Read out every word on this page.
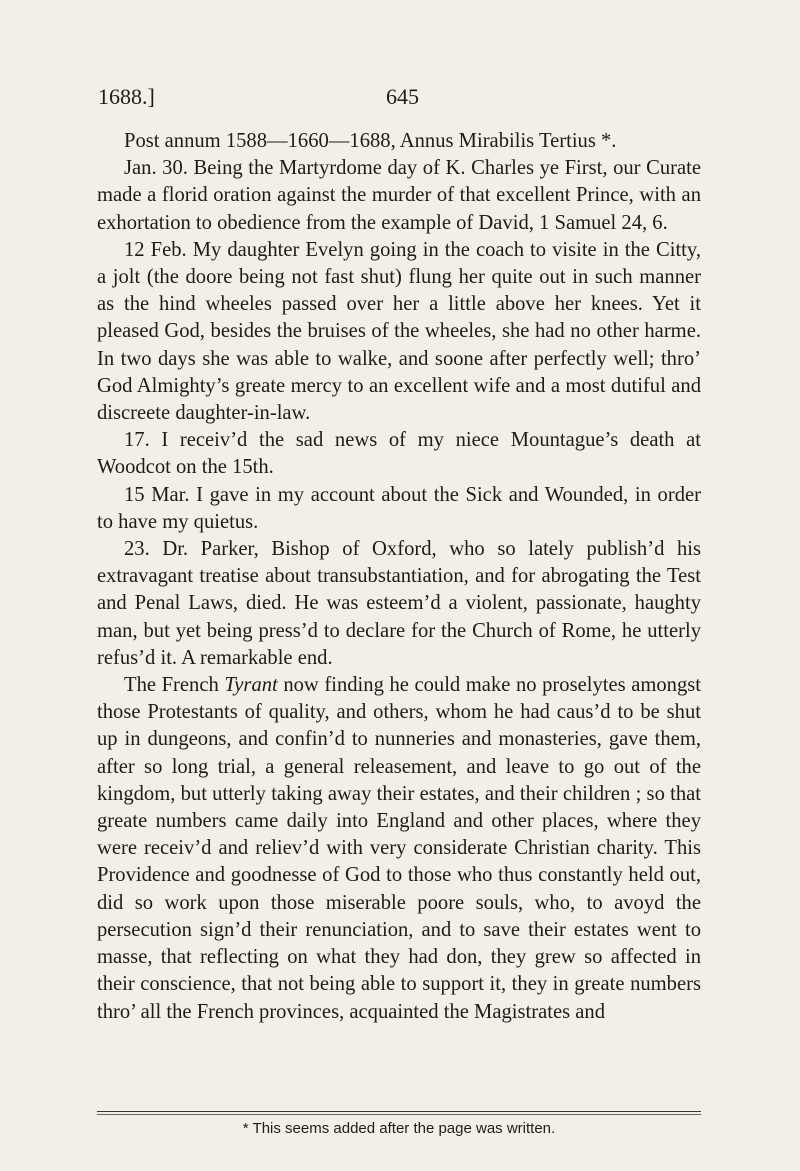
1688.]	645

Post annum 1588—1660—1688, Annus Mirabilis Tertius *.

Jan. 30. Being the Martyrdome day of K. Charles ye First, our Curate made a florid oration against the murder of that excellent Prince, with an exhortation to obedience from the example of David, 1 Samuel 24, 6.

12 Feb. My daughter Evelyn going in the coach to visite in the Citty, a jolt (the doore being not fast shut) flung her quite out in such manner as the hind wheeles passed over her a little above her knees. Yet it pleased God, besides the bruises of the wheeles, she had no other harme. In two days she was able to walke, and soone after perfectly well; thro’ God Almighty’s greate mercy to an excellent wife and a most dutiful and discreete daughter-in-law.

17. I receiv’d the sad news of my niece Mountague’s death at Woodcot on the 15th.

15 Mar. I gave in my account about the Sick and Wounded, in order to have my quietus.

23. Dr. Parker, Bishop of Oxford, who so lately publish’d his extravagant treatise about transubstantiation, and for abrogating the Test and Penal Laws, died. He was esteem’d a violent, passionate, haughty man, but yet being press’d to declare for the Church of Rome, he utterly refus’d it. A remarkable end.

The French Tyrant now finding he could make no proselytes amongst those Protestants of quality, and others, whom he had caus’d to be shut up in dungeons, and confin’d to nunneries and monasteries, gave them, after so long trial, a general releasement, and leave to go out of the kingdom, but utterly taking away their estates, and their children ; so that greate numbers came daily into England and other places, where they were receiv’d and reliev’d with very considerate Christian charity. This Providence and goodnesse of God to those who thus constantly held out, did so work upon those miserable poore souls, who, to avoyd the persecution sign’d their renunciation, and to save their estates went to masse, that reflecting on what they had don, they grew so affected in their conscience, that not being able to support it, they in greate numbers thro’ all the French provinces, acquainted the Magistrates and

* This seems added after the page was written.
